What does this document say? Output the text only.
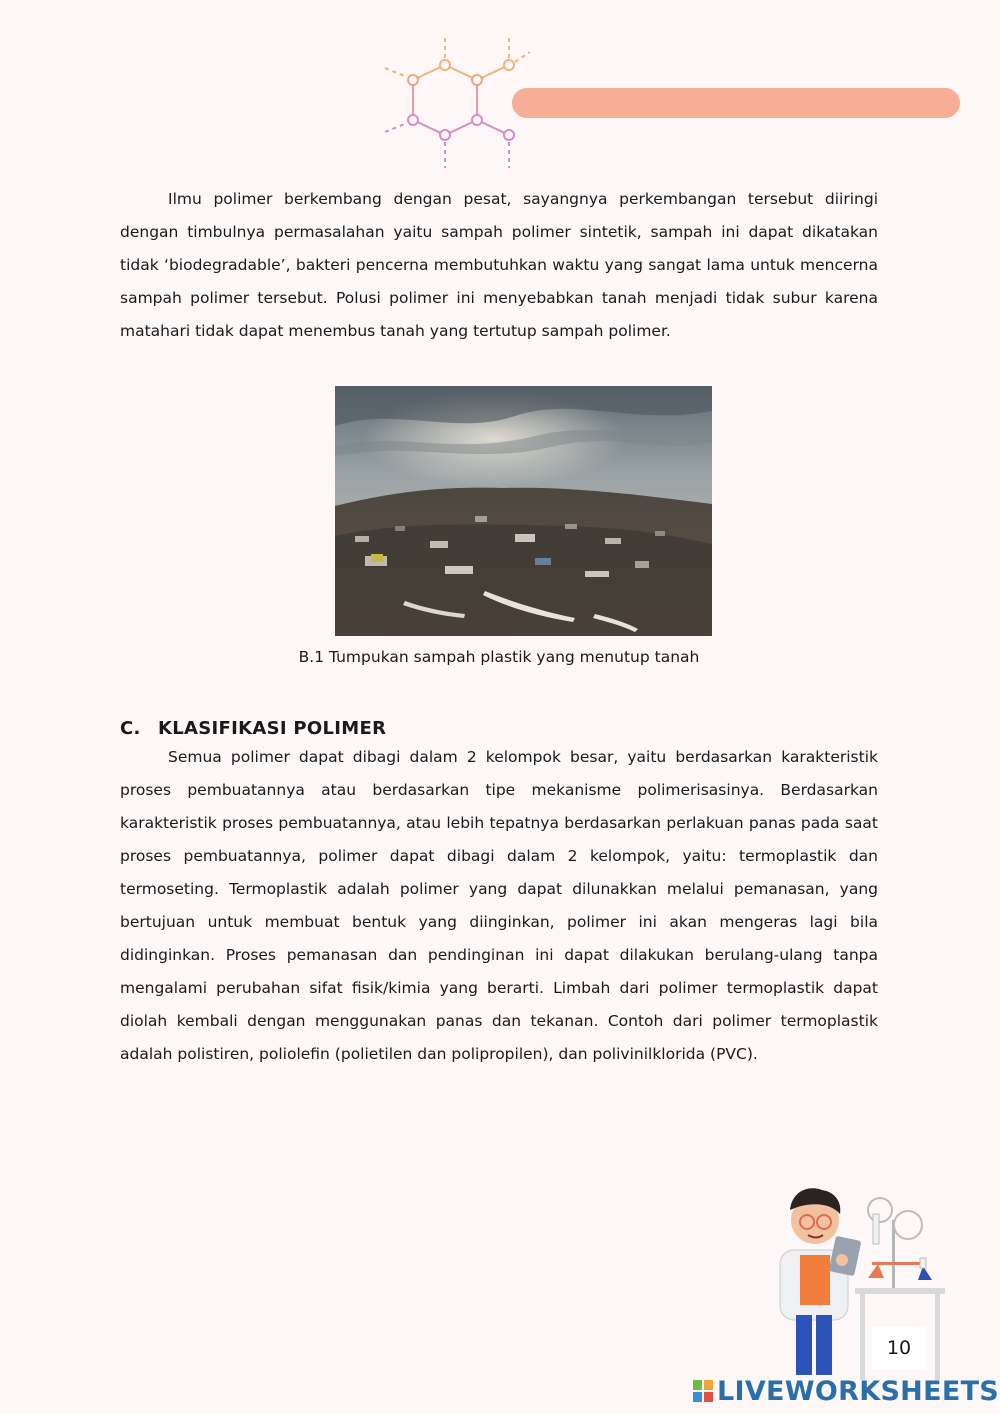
Ilmu polimer berkembang dengan pesat, sayangnya perkembangan tersebut diiringi dengan timbulnya permasalahan yaitu sampah polimer sintetik, sampah ini dapat dikatakan tidak ‘biodegradable’, bakteri pencerna membutuhkan waktu yang sangat lama untuk mencerna sampah polimer tersebut. Polusi polimer ini menyebabkan tanah menjadi tidak subur karena matahari tidak dapat menembus tanah yang tertutup sampah polimer.

B.1 Tumpukan sampah plastik yang menutup tanah
C. KLASIFIKASI POLIMER

Semua polimer dapat dibagi dalam 2 kelompok besar, yaitu berdasarkan karakteristik proses pembuatannya atau berdasarkan tipe mekanisme polimerisasinya. Berdasarkan karakteristik proses pembuatannya, atau lebih tepatnya berdasarkan perlakuan panas pada saat proses pembuatannya, polimer dapat dibagi dalam 2 kelompok, yaitu: termoplastik dan termoseting. Termoplastik adalah polimer yang dapat dilunakkan melalui pemanasan, yang bertujuan untuk membuat bentuk yang diinginkan, polimer ini akan mengeras lagi bila didinginkan. Proses pemanasan dan pendinginan ini dapat dilakukan berulang-ulang tanpa mengalami perubahan sifat fisik/kimia yang berarti. Limbah dari polimer termoplastik dapat diolah kembali dengan menggunakan panas dan tekanan. Contoh dari polimer termoplastik adalah polistiren, poliolefin (polietilen dan polipropilen), dan polivinilklorida (PVC).

10
LIVEWORKSHEETS
